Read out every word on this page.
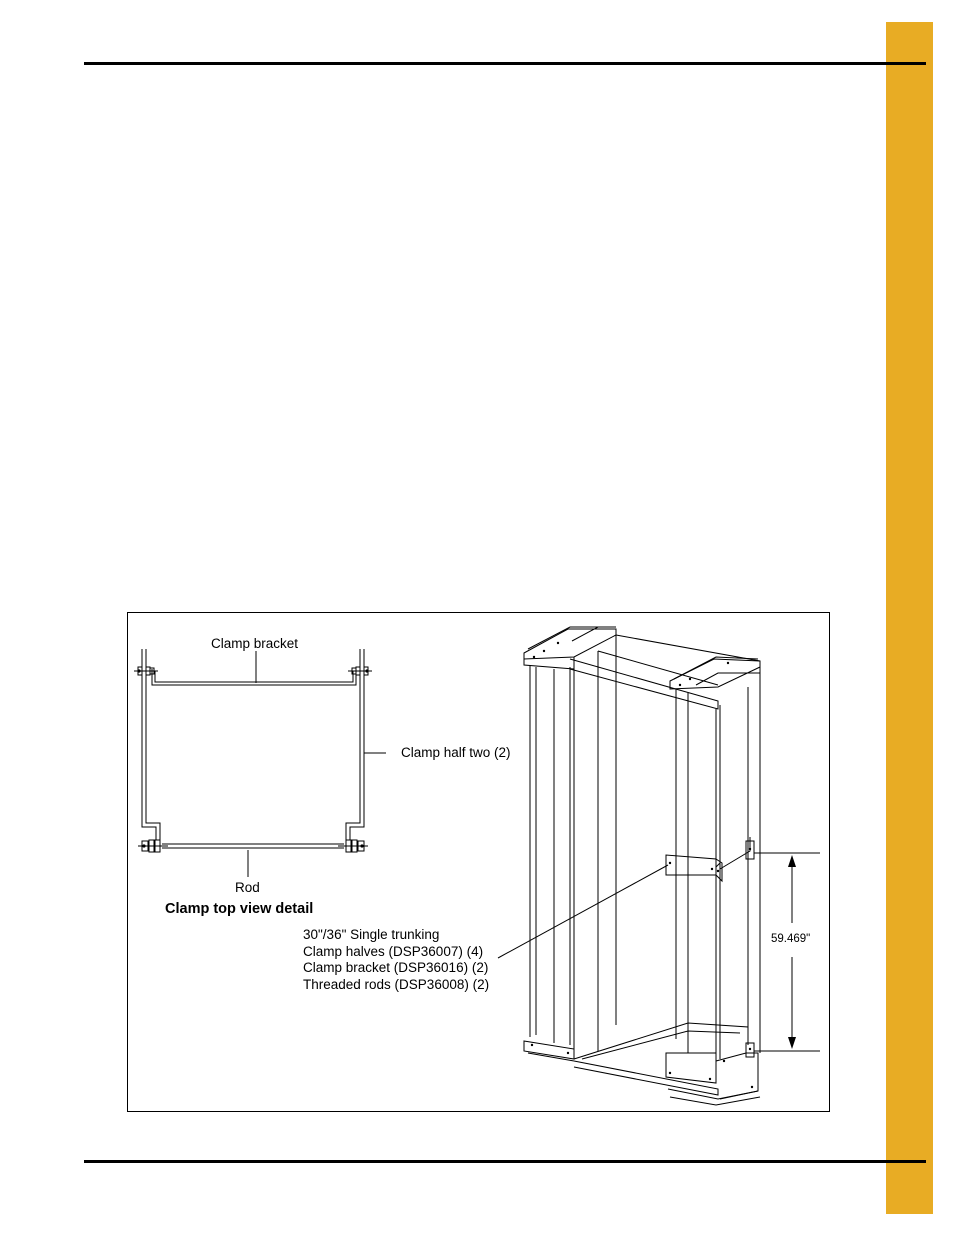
Clamp bracket
Clamp half two (2)
Rod
Clamp top view detail
30"/36" Single trunking
Clamp halves (DSP36007) (4)
Clamp bracket (DSP36016) (2)
Threaded rods (DSP36008) (2)
59.469"
